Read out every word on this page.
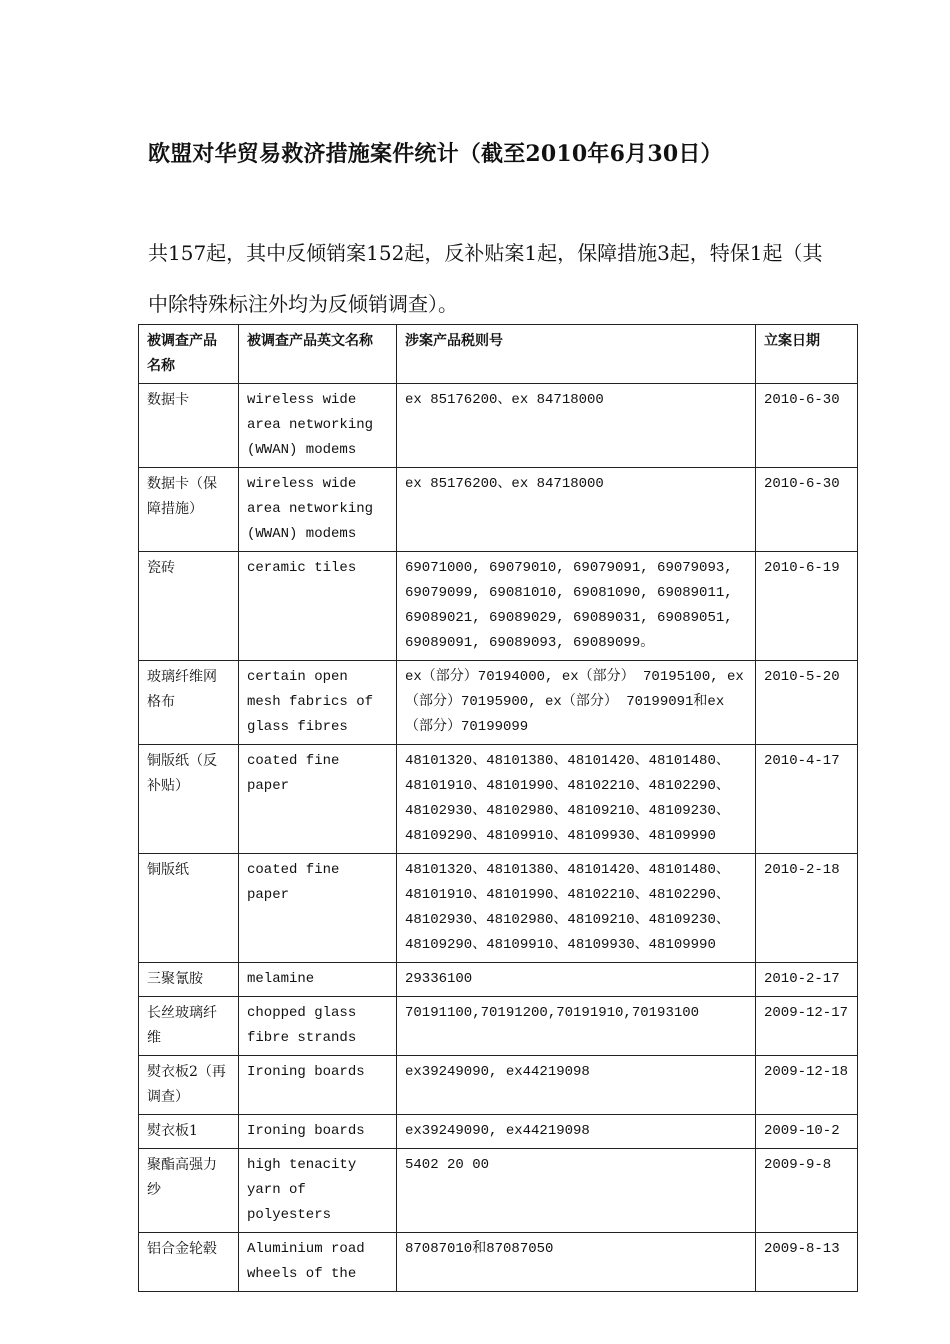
欧盟对华贸易救济措施案件统计（截至2010年6月30日）

共157起，其中反倾销案152起，反补贴案1起，保障措施3起，特保1起（其中除特殊标注外均为反倾销调查）。

被调查产品名称	被调查产品英文名称	涉案产品税则号	立案日期
数据卡	wireless wide area networking (WWAN) modems	ex 85176200、ex 84718000	2010-6-30
数据卡（保障措施）	wireless wide area networking (WWAN) modems	ex 85176200、ex 84718000	2010-6-30
瓷砖	ceramic tiles	69071000, 69079010, 69079091, 69079093, 69079099, 69081010, 69081090, 69089011, 69089021, 69089029, 69089031, 69089051, 69089091, 69089093, 69089099。	2010-6-19
玻璃纤维网格布	certain open mesh fabrics of glass fibres	ex（部分）70194000, ex（部分） 70195100, ex（部分）70195900, ex（部分） 70199091和ex （部分）70199099	2010-5-20
铜版纸（反补贴）	coated fine paper	48101320、48101380、48101420、48101480、48101910、48101990、48102210、48102290、48102930、48102980、48109210、48109230、48109290、48109910、48109930、48109990	2010-4-17
铜版纸	coated fine paper	48101320、48101380、48101420、48101480、48101910、48101990、48102210、48102290、48102930、48102980、48109210、48109230、48109290、48109910、48109930、48109990	2010-2-18
三聚氰胺	melamine	29336100	2010-2-17
长丝玻璃纤维	chopped glass fibre strands	70191100,70191200,70191910,70193100	2009-12-17
熨衣板2（再调查）	Ironing boards	ex39249090, ex44219098	2009-12-18
熨衣板1	Ironing boards	ex39249090, ex44219098	2009-10-2
聚酯高强力纱	high tenacity yarn of polyesters	5402 20 00	2009-9-8
铝合金轮毂	Aluminium road wheels of the	87087010和87087050	2009-8-13
